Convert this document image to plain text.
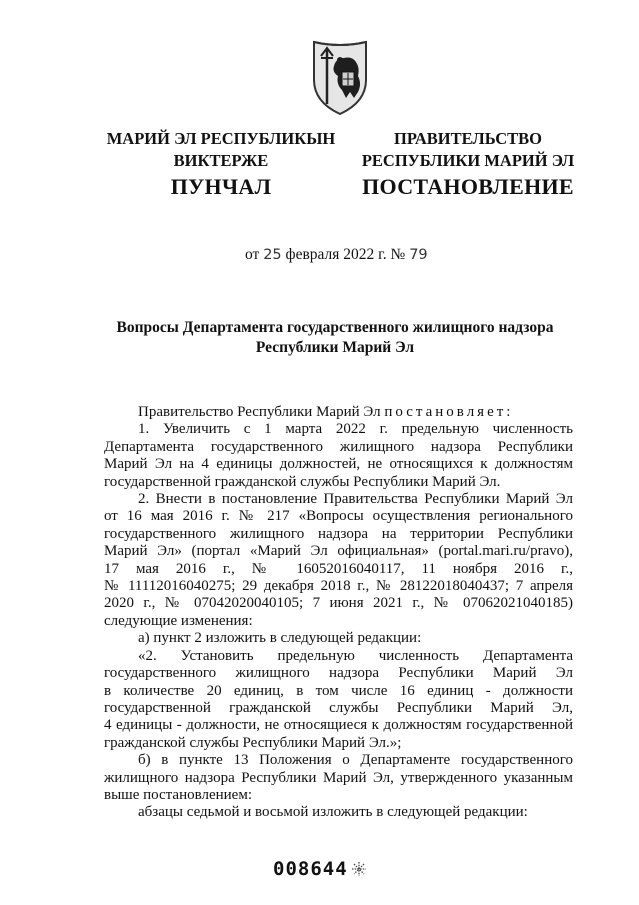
МАРИЙ ЭЛ РЕСПУБЛИКЫН
ВИКТЕРЖЕ
ПУНЧАЛ
ПРАВИТЕЛЬСТВО
РЕСПУБЛИКИ МАРИЙ ЭЛ
ПОСТАНОВЛЕНИЕ
от 25 февраля 2022 г. № 79
Вопросы Департамента государственного жилищного надзора
Республики Марий Эл

Правительство Республики Марий Эл постановляет:

1. Увеличить с 1 марта 2022 г. предельную численность

Департамента государственного жилищного надзора Республики

Марий Эл на 4 единицы должностей, не относящихся к должностям

государственной гражданской службы Республики Марий Эл.

2. Внести в постановление Правительства Республики Марий Эл

от 16 мая 2016 г. № 217 «Вопросы осуществления регионального

государственного жилищного надзора на территории Республики

Марий Эл» (портал «Марий Эл официальная» (portal.mari.ru/pravo),

17 мая 2016 г., № 16052016040117, 11 ноября 2016 г.,

№ 11112016040275; 29 декабря 2018 г., № 28122018040437; 7 апреля

2020 г., № 07042020040105; 7 июня 2021 г., № 07062021040185)

следующие изменения:

а) пункт 2 изложить в следующей редакции:

«2. Установить предельную численность Департамента

государственного жилищного надзора Республики Марий Эл

в количестве 20 единиц, в том числе 16 единиц - должности

государственной гражданской службы Республики Марий Эл,

4 единицы - должности, не относящиеся к должностям государственной

гражданской службы Республики Марий Эл.»;

б) в пункте 13 Положения о Департаменте государственного

жилищного надзора Республики Марий Эл, утвержденного указанным

выше постановлением:

абзацы седьмой и восьмой изложить в следующей редакции:

008644
